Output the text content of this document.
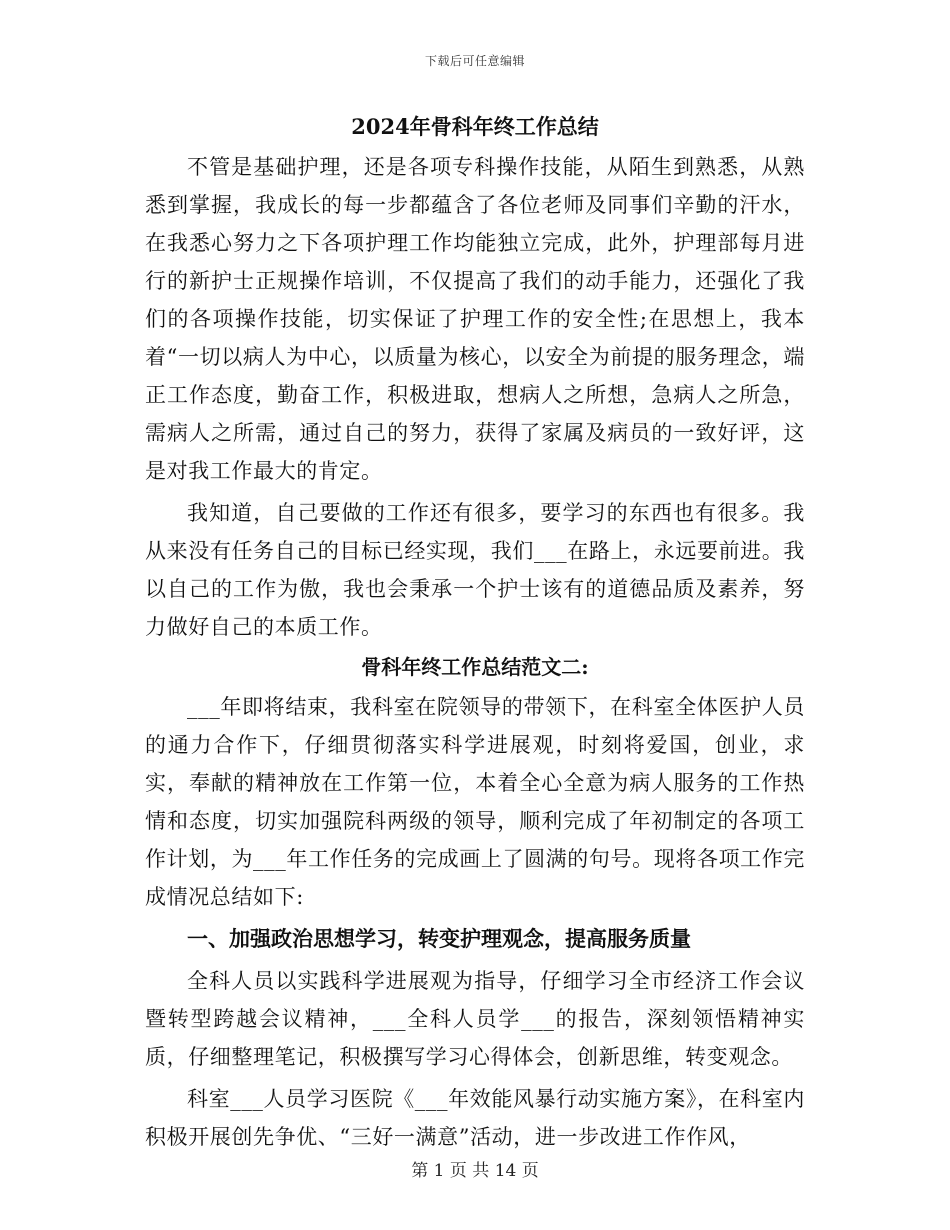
下载后可任意编辑
2024年骨科年终工作总结

不管是基础护理，还是各项专科操作技能，从陌生到熟悉，从熟悉到掌握，我成长的每一步都蕴含了各位老师及同事们辛勤的汗水，在我悉心努力之下各项护理工作均能独立完成，此外，护理部每月进行的新护士正规操作培训，不仅提高了我们的动手能力，还强化了我们的各项操作技能，切实保证了护理工作的安全性;在思想上，我本着“一切以病人为中心，以质量为核心，以安全为前提的服务理念，端正工作态度，勤奋工作，积极进取，想病人之所想，急病人之所急，需病人之所需，通过自己的努力，获得了家属及病员的一致好评，这是对我工作最大的肯定。

我知道，自己要做的工作还有很多，要学习的东西也有很多。我从来没有任务自己的目标已经实现，我们___在路上，永远要前进。我以自己的工作为傲，我也会秉承一个护士该有的道德品质及素养，努力做好自己的本质工作。

骨科年终工作总结范文二:

___年即将结束，我科室在院领导的带领下，在科室全体医护人员的通力合作下，仔细贯彻落实科学进展观，时刻将爱国，创业，求实，奉献的精神放在工作第一位，本着全心全意为病人服务的工作热情和态度，切实加强院科两级的领导，顺利完成了年初制定的各项工作计划，为___年工作任务的完成画上了圆满的句号。现将各项工作完成情况总结如下:

一、加强政治思想学习，转变护理观念，提高服务质量

全科人员以实践科学进展观为指导，仔细学习全市经济工作会议暨转型跨越会议精神，___全科人员学___的报告，深刻领悟精神实质，仔细整理笔记，积极撰写学习心得体会，创新思维，转变观念。

科室___人员学习医院《___年效能风暴行动实施方案》，在科室内积极开展创先争优、“三好一满意”活动，进一步改进工作作风，

第 1 页 共 14 页
